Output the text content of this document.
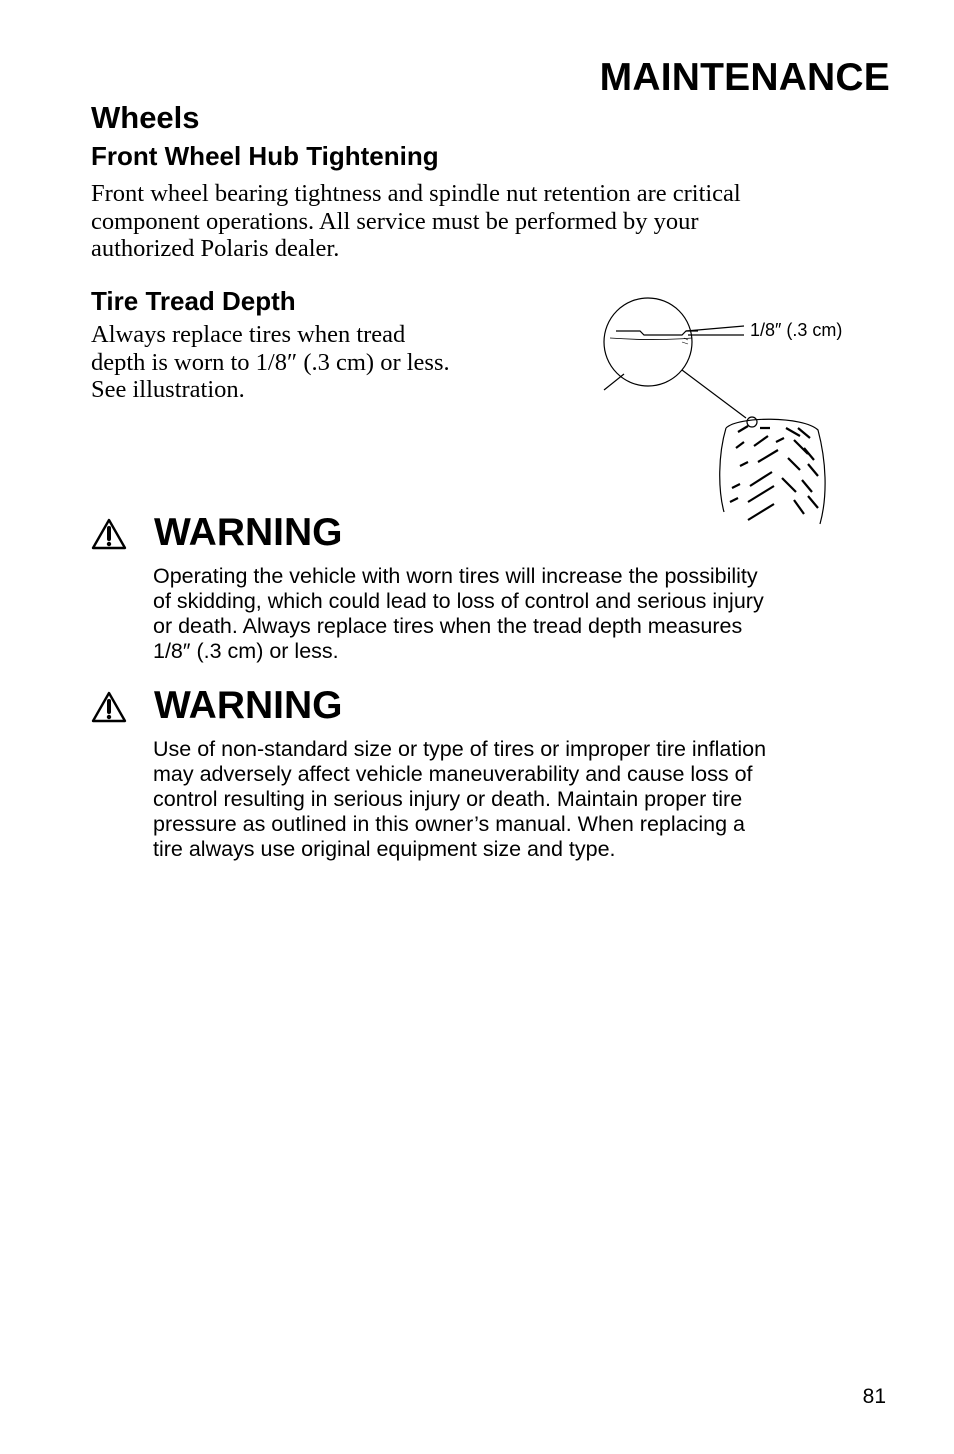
MAINTENANCE
Wheels
Front Wheel Hub Tightening
Front wheel bearing tightness and spindle nut retention are critical
component operations. All service must be performed by your
authorized Polaris dealer.
Tire Tread Depth
Always replace tires when tread
depth is worn to 1/8″ (.3 cm) or less.
See illustration.
1/8″ (.3 cm)
WARNING
Operating the vehicle with worn tires will increase the possibility
of skidding, which could lead to loss of control and serious injury
or death. Always replace tires when the tread depth measures
1/8″ (.3 cm) or less.
WARNING
Use of non-standard size or type of tires or improper tire inflation
may adversely affect vehicle maneuverability and cause loss of
control resulting in serious injury or death. Maintain proper tire
pressure as outlined in this owner’s manual. When replacing a
tire always use original equipment size and type.
81
